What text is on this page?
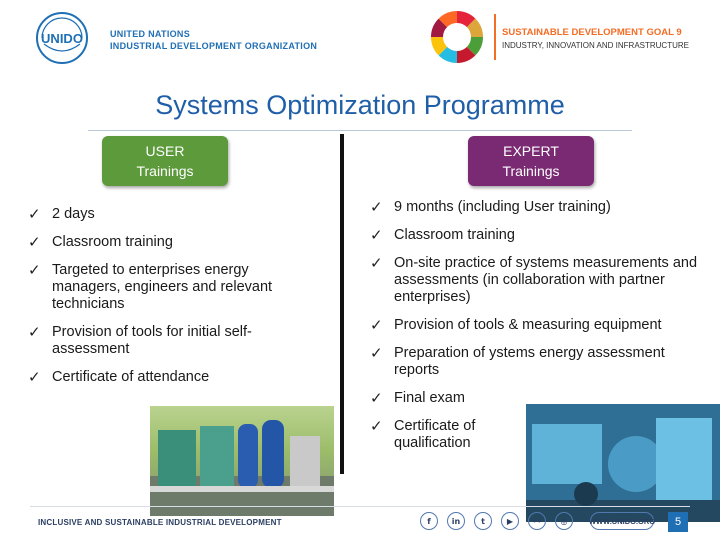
UNIDO	UNITED NATIONS
INDUSTRIAL DEVELOPMENT ORGANIZATION
SUSTAINABLE DEVELOPMENT GOAL 9
INDUSTRY, INNOVATION AND INFRASTRUCTURE
Systems Optimization Programme
USER
Trainings
EXPERT
Trainings
✓ 2 days
✓ Classroom training
✓ Targeted to enterprises energy managers, engineers and relevant technicians
✓ Provision of tools for initial self-assessment
✓ Certificate of attendance
✓ 9 months (including User training)
✓ Classroom training
✓ On-site practice of systems measurements and assessments (in collaboration with partner enterprises)
✓ Provision of tools & measuring equipment
✓ Preparation of ystems energy assessment reports
✓ Final exam
✓ Certificate of qualification
INCLUSIVE AND SUSTAINABLE INDUSTRIAL DEVELOPMENT	f	in	t	▶	••	◎	WWW.UNIDO.ORG	5
